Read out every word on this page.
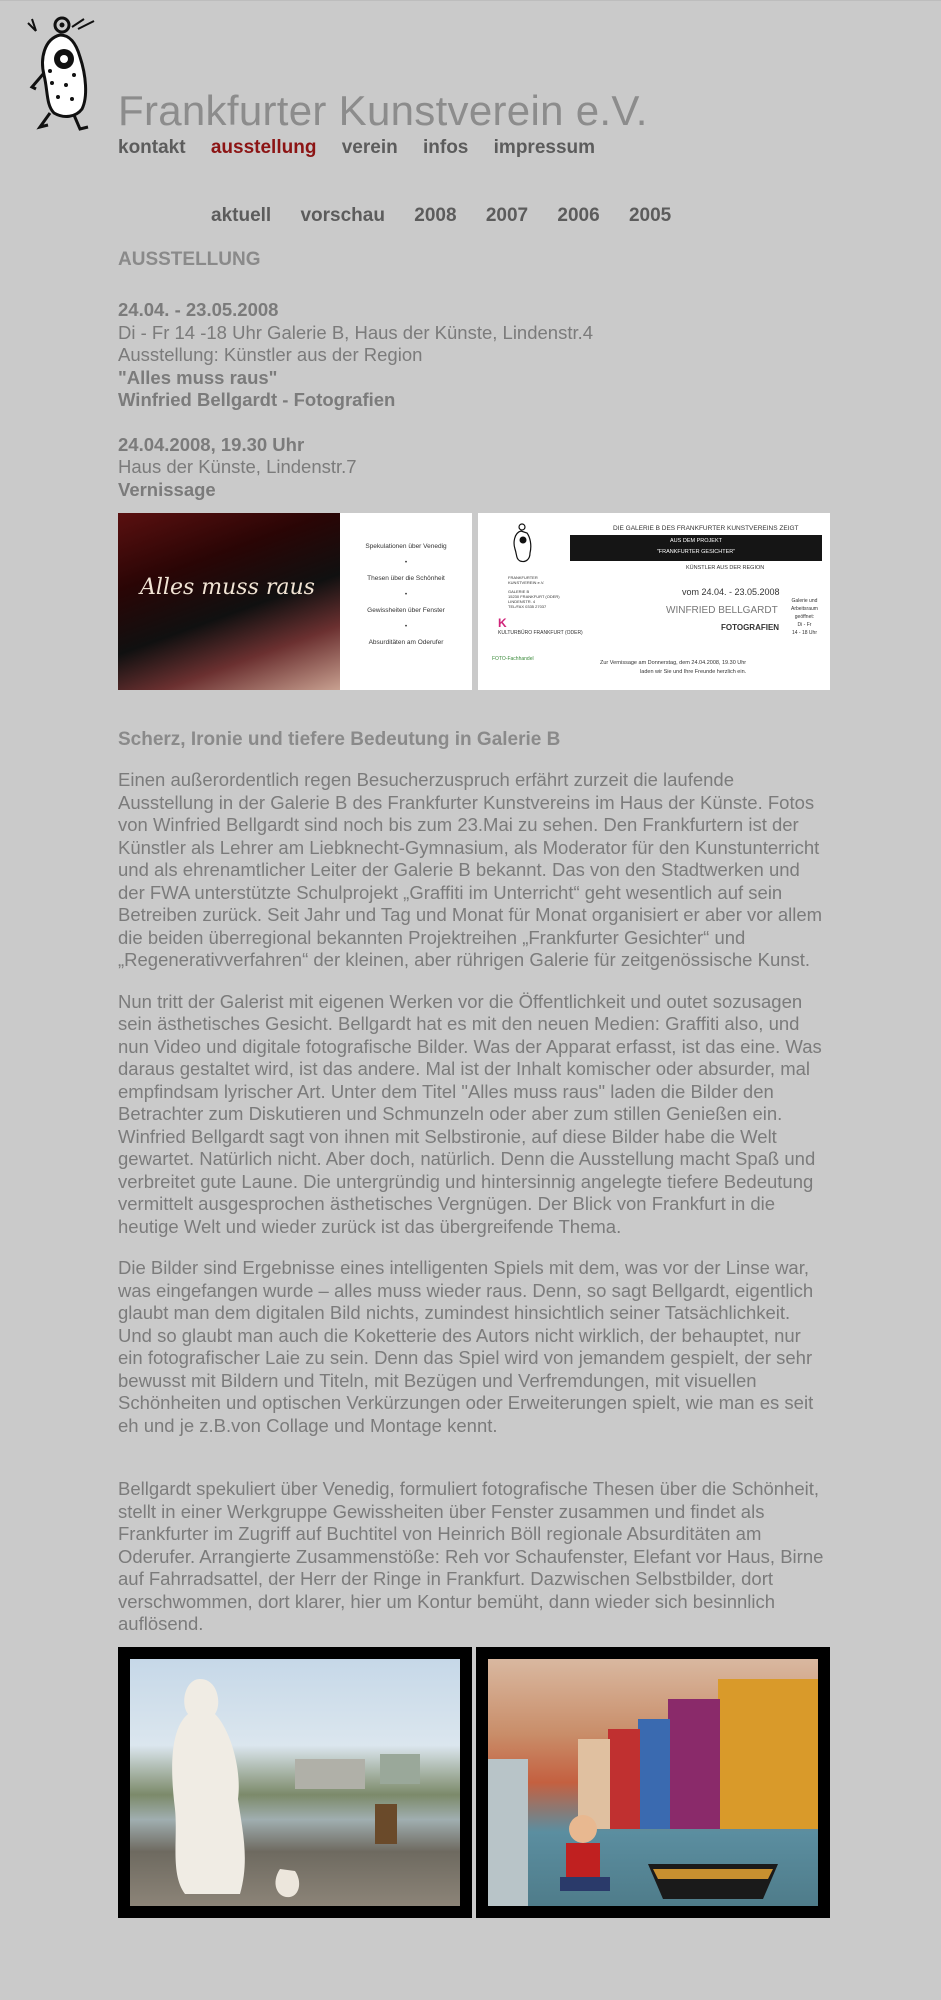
Frankfurter Kunstverein e.V.
kontakt ausstellung verein infos impressum
aktuell vorschau 2008 2007 2006 2005
AUSSTELLUNG
24.04. - 23.05.2008
Di - Fr 14 -18 Uhr Galerie B, Haus der Künste, Lindenstr.4
Ausstellung: Künstler aus der Region
"Alles muss raus"
Winfried Bellgardt - Fotografien
24.04.2008, 19.30 Uhr
Haus der Künste, Lindenstr.7
Vernissage
Alles muss raus
Spekulationen über Venedig
•
Thesen über die Schönheit
•
Gewissheiten über Fenster
•
Absurditäten am Oderufer
FRANKFURTER
KUNSTVEREIN e.V.
GALERIE B
15230 FRANKFURT (ODER)
LINDENSTR. 4
TEL/FAX 0335 27037
K
KULTURBÜRO FRANKFURT (ODER)
FOTO-Fachhandel
DIE GALERIE B DES FRANKFURTER KUNSTVEREINS ZEIGT
AUS DEM PROJEKT
"FRANKFURTER GESICHTER"
KÜNSTLER AUS DER REGION
vom 24.04. - 23.05.2008
WINFRIED BELLGARDT
FOTOGRAFIEN
Galerie und
Arbeitsraum
geöffnet:
Di - Fr
14 - 18 Uhr
Zur Vernissage am Donnerstag, dem 24.04.2008, 19.30 Uhr
laden wir Sie und Ihre Freunde herzlich ein.
Scherz, Ironie und tiefere Bedeutung in Galerie B

Einen außerordentlich regen Besucherzuspruch erfährt zurzeit die laufende
Ausstellung in der Galerie B des Frankfurter Kunstvereins im Haus der Künste. Fotos
von Winfried Bellgardt sind noch bis zum 23.Mai zu sehen. Den Frankfurtern ist der
Künstler als Lehrer am Liebknecht-Gymnasium, als Moderator für den Kunstunterricht
und als ehrenamtlicher Leiter der Galerie B bekannt. Das von den Stadtwerken und
der FWA unterstützte Schulprojekt „Graffiti im Unterricht“ geht wesentlich auf sein
Betreiben zurück. Seit Jahr und Tag und Monat für Monat organisiert er aber vor allem
die beiden überregional bekannten Projektreihen „Frankfurter Gesichter“ und
„Regenerativverfahren“ der kleinen, aber rührigen Galerie für zeitgenössische Kunst.

Nun tritt der Galerist mit eigenen Werken vor die Öffentlichkeit und outet sozusagen
sein ästhetisches Gesicht. Bellgardt hat es mit den neuen Medien: Graffiti also, und
nun Video und digitale fotografische Bilder. Was der Apparat erfasst, ist das eine. Was
daraus gestaltet wird, ist das andere. Mal ist der Inhalt komischer oder absurder, mal
empfindsam lyrischer Art. Unter dem Titel "Alles muss raus" laden die Bilder den
Betrachter zum Diskutieren und Schmunzeln oder aber zum stillen Genießen ein.
Winfried Bellgardt sagt von ihnen mit Selbstironie, auf diese Bilder habe die Welt
gewartet. Natürlich nicht. Aber doch, natürlich. Denn die Ausstellung macht Spaß und
verbreitet gute Laune. Die untergründig und hintersinnig angelegte tiefere Bedeutung
vermittelt ausgesprochen ästhetisches Vergnügen. Der Blick von Frankfurt in die
heutige Welt und wieder zurück ist das übergreifende Thema.

Die Bilder sind Ergebnisse eines intelligenten Spiels mit dem, was vor der Linse war,
was eingefangen wurde – alles muss wieder raus. Denn, so sagt Bellgardt, eigentlich
glaubt man dem digitalen Bild nichts, zumindest hinsichtlich seiner Tatsächlichkeit.
Und so glaubt man auch die Koketterie des Autors nicht wirklich, der behauptet, nur
ein fotografischer Laie zu sein. Denn das Spiel wird von jemandem gespielt, der sehr
bewusst mit Bildern und Titeln, mit Bezügen und Verfremdungen, mit visuellen
Schönheiten und optischen Verkürzungen oder Erweiterungen spielt, wie man es seit
eh und je z.B.von Collage und Montage kennt.

Bellgardt spekuliert über Venedig, formuliert fotografische Thesen über die Schönheit,
stellt in einer Werkgruppe Gewissheiten über Fenster zusammen und findet als
Frankfurter im Zugriff auf Buchtitel von Heinrich Böll regionale Absurditäten am
Oderufer. Arrangierte Zusammenstöße: Reh vor Schaufenster, Elefant vor Haus, Birne
auf Fahrradsattel, der Herr der Ringe in Frankfurt. Dazwischen Selbstbilder, dort
verschwommen, dort klarer, hier um Kontur bemüht, dann wieder sich besinnlich
auflösend.
